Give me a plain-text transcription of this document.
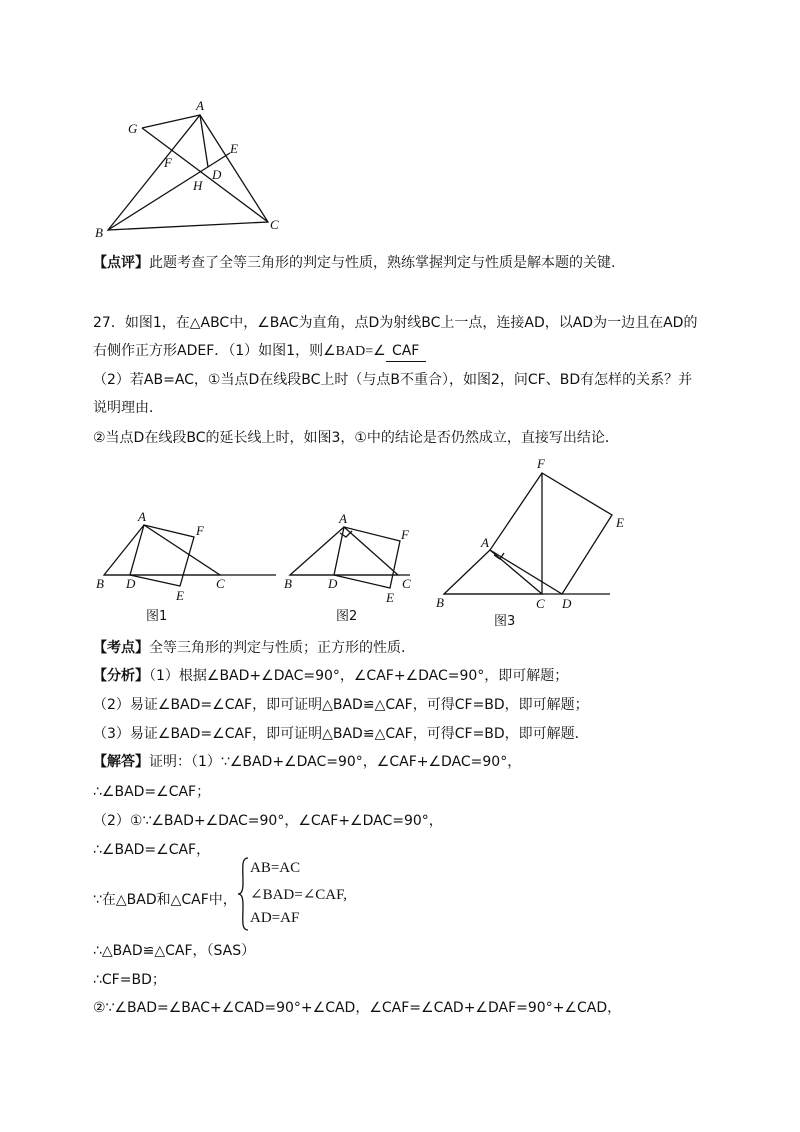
A
G
F
E
D
H
B
C
【点评】此题考查了全等三角形的判定与性质，熟练掌握判定与性质是解本题的关键.
27．如图1，在△ABC中，∠BAC为直角，点D为射线BC上一点，连接AD，以AD为一边且在AD的
右侧作正方形ADEF．（1）如图1，则∠BAD=∠ CAF
（2）若AB=AC，①当点D在线段BC上时（与点B不重合），如图2，问CF、BD有怎样的关系？并
说明理由．
②当点D在线段BC的延长线上时，如图3，①中的结论是否仍然成立，直接写出结论．
A
F
B D
E
C
图1
A
F
B	D
E
C
图2
F
E
A
B	C D
图3
【考点】全等三角形的判定与性质；正方形的性质．
【分析】（1）根据∠BAD+∠DAC=90°，∠CAF+∠DAC=90°，即可解题；
（2）易证∠BAD=∠CAF，即可证明△BAD≌△CAF，可得CF=BD，即可解题；
（3）易证∠BAD=∠CAF，即可证明△BAD≌△CAF，可得CF=BD，即可解题．
【解答】证明：（1）∵∠BAD+∠DAC=90°，∠CAF+∠DAC=90°，
∴∠BAD=∠CAF；
（2）①∵∠BAD+∠DAC=90°，∠CAF+∠DAC=90°，
∴∠BAD=∠CAF，
∵在△BAD和△CAF中，
AB=AC
∠BAD=∠CAF,
AD=AF
∴△BAD≌△CAF，（SAS）
∴CF=BD；
②∵∠BAD=∠BAC+∠CAD=90°+∠CAD，∠CAF=∠CAD+∠DAF=90°+∠CAD，
